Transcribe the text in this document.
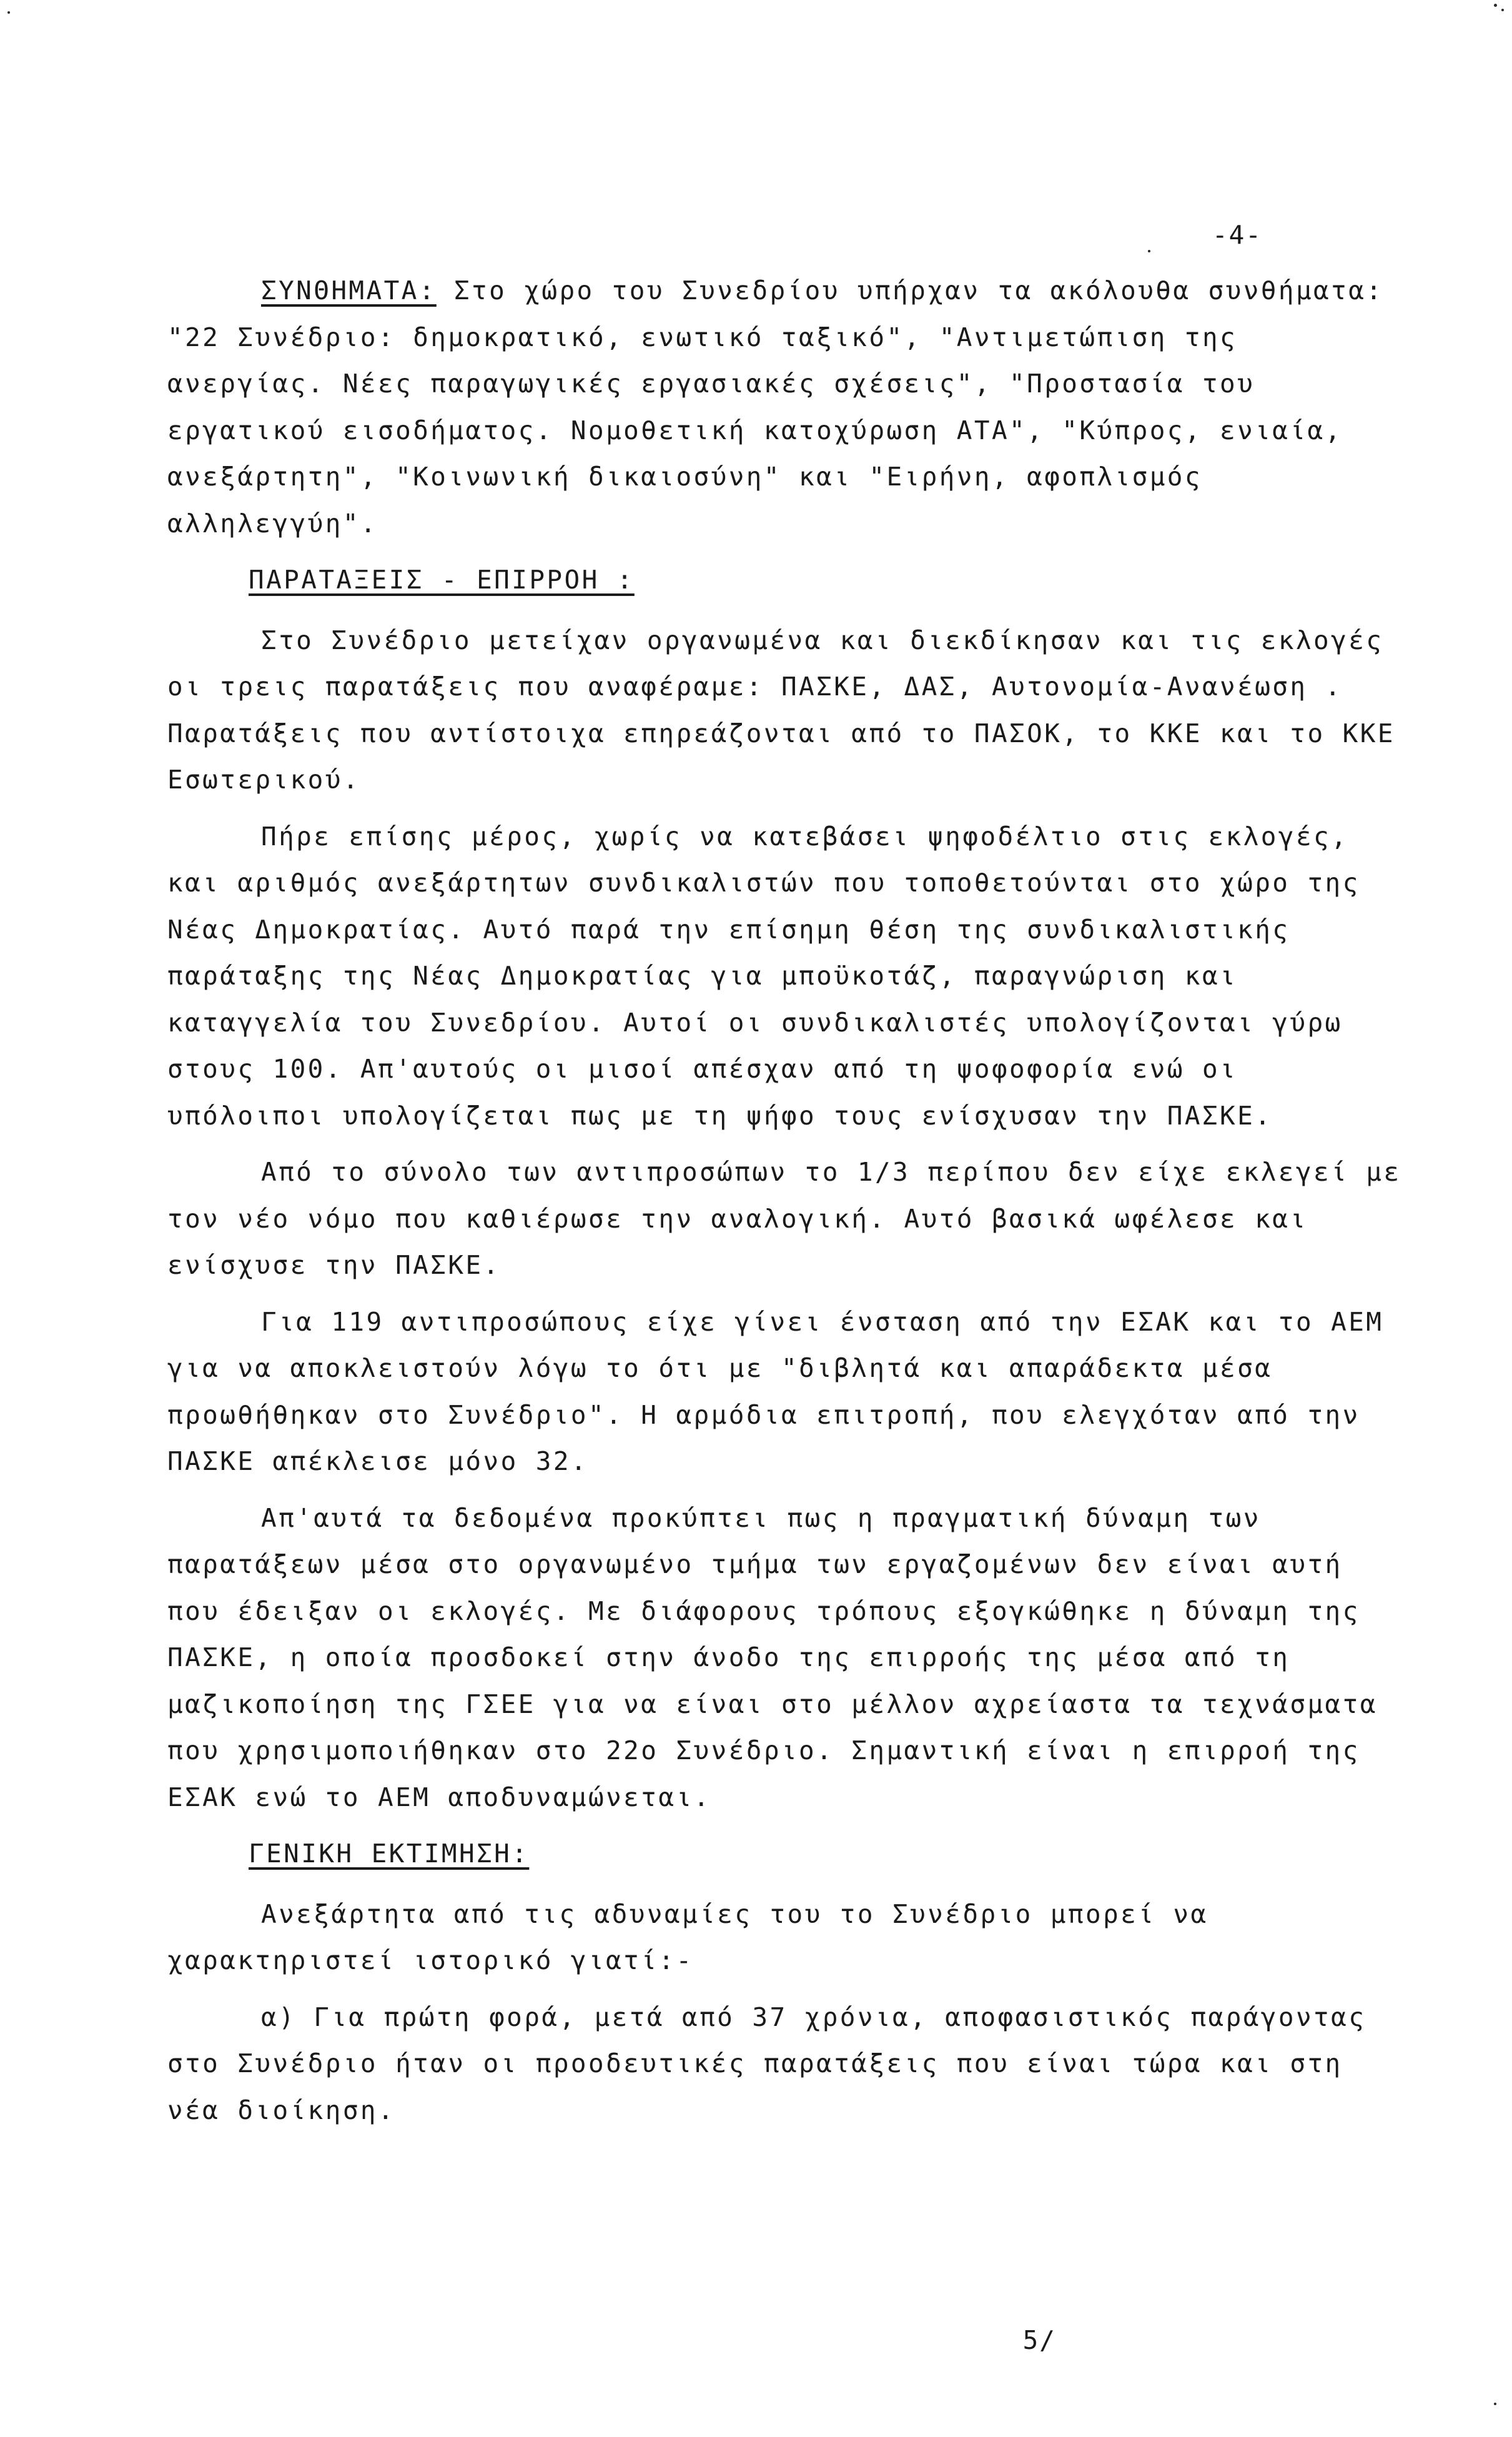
-4-

ΣΥΝΘΗΜΑΤΑ: Στο χώρο του Συνεδρίου υπήρχαν τα ακόλουθα συνθήματα: "22 Συνέδριο: δημοκρατικό, ενωτικό ταξικό", "Αντιμετώπιση της ανεργίας. Νέες παραγωγικές εργασιακές σχέσεις", "Προστασία του εργατικού εισοδήματος. Νομοθετική κατοχύρωση ΑΤΑ", "Κύπρος, ενιαία, ανεξάρτητη", "Κοινωνική δικαιοσύνη" και "Ειρήνη, αφοπλισμός αλληλεγγύη".

ΠΑΡΑΤΑΞΕΙΣ - ΕΠΙΡΡΟΗ :

Στο Συνέδριο μετείχαν οργανωμένα και διεκδίκησαν και τις εκλογές οι τρεις παρατάξεις που αναφέραμε: ΠΑΣΚΕ, ΔΑΣ, Αυτονομία-Ανανέωση . Παρατάξεις που αντίστοιχα επηρεάζονται από το ΠΑΣΟΚ, το ΚΚΕ και το ΚΚΕ Εσωτερικού.

Πήρε επίσης μέρος, χωρίς να κατεβάσει ψηφοδέλτιο στις εκλογές, και αριθμός ανεξάρτητων συνδικαλιστών που τοποθετούνται στο χώρο της Νέας Δημοκρατίας. Αυτό παρά την επίσημη θέση της συνδικαλιστικής παράταξης της Νέας Δημοκρατίας για μποϋκοτάζ, παραγνώριση και καταγγελία του Συνεδρίου. Αυτοί οι συνδικαλιστές υπολογίζονται γύρω στους 100. Απ'αυτούς οι μισοί απέσχαν από τη ψοφοφορία ενώ οι υπόλοιποι υπολογίζεται πως με τη ψήφο τους ενίσχυσαν την ΠΑΣΚΕ.

Από το σύνολο των αντιπροσώπων το 1/3 περίπου δεν είχε εκλεγεί με τον νέο νόμο που καθιέρωσε την αναλογική. Αυτό βασικά ωφέλεσε και ενίσχυσε την ΠΑΣΚΕ.

Για 119 αντιπροσώπους είχε γίνει ένσταση από την ΕΣΑΚ και το ΑΕΜ για να αποκλειστούν λόγω το ότι με "διβλητά και απαράδεκτα μέσα προωθήθηκαν στο Συνέδριο". Η αρμόδια επιτροπή, που ελεγχόταν από την ΠΑΣΚΕ απέκλεισε μόνο 32.

Απ'αυτά τα δεδομένα προκύπτει πως η πραγματική δύναμη των παρατάξεων μέσα στο οργανωμένο τμήμα των εργαζομένων δεν είναι αυτή που έδειξαν οι εκλογές. Με διάφορους τρόπους εξογκώθηκε η δύναμη της ΠΑΣΚΕ, η οποία προσδοκεί στην άνοδο της επιρροής της μέσα από τη μαζικοποίηση της ΓΣΕΕ για να είναι στο μέλλον αχρείαστα τα τεχνάσματα που χρησιμοποιήθηκαν στο 22ο Συνέδριο. Σημαντική είναι η επιρροή της ΕΣΑΚ ενώ το ΑΕΜ αποδυναμώνεται.

ΓΕΝΙΚΗ ΕΚΤΙΜΗΣΗ:

Ανεξάρτητα από τις αδυναμίες του το Συνέδριο μπορεί να χαρακτηριστεί ιστορικό γιατί:-

α) Για πρώτη φορά, μετά από 37 χρόνια, αποφασιστικός παράγοντας στο Συνέδριο ήταν οι προοδευτικές παρατάξεις που είναι τώρα και στη νέα διοίκηση.

5/
